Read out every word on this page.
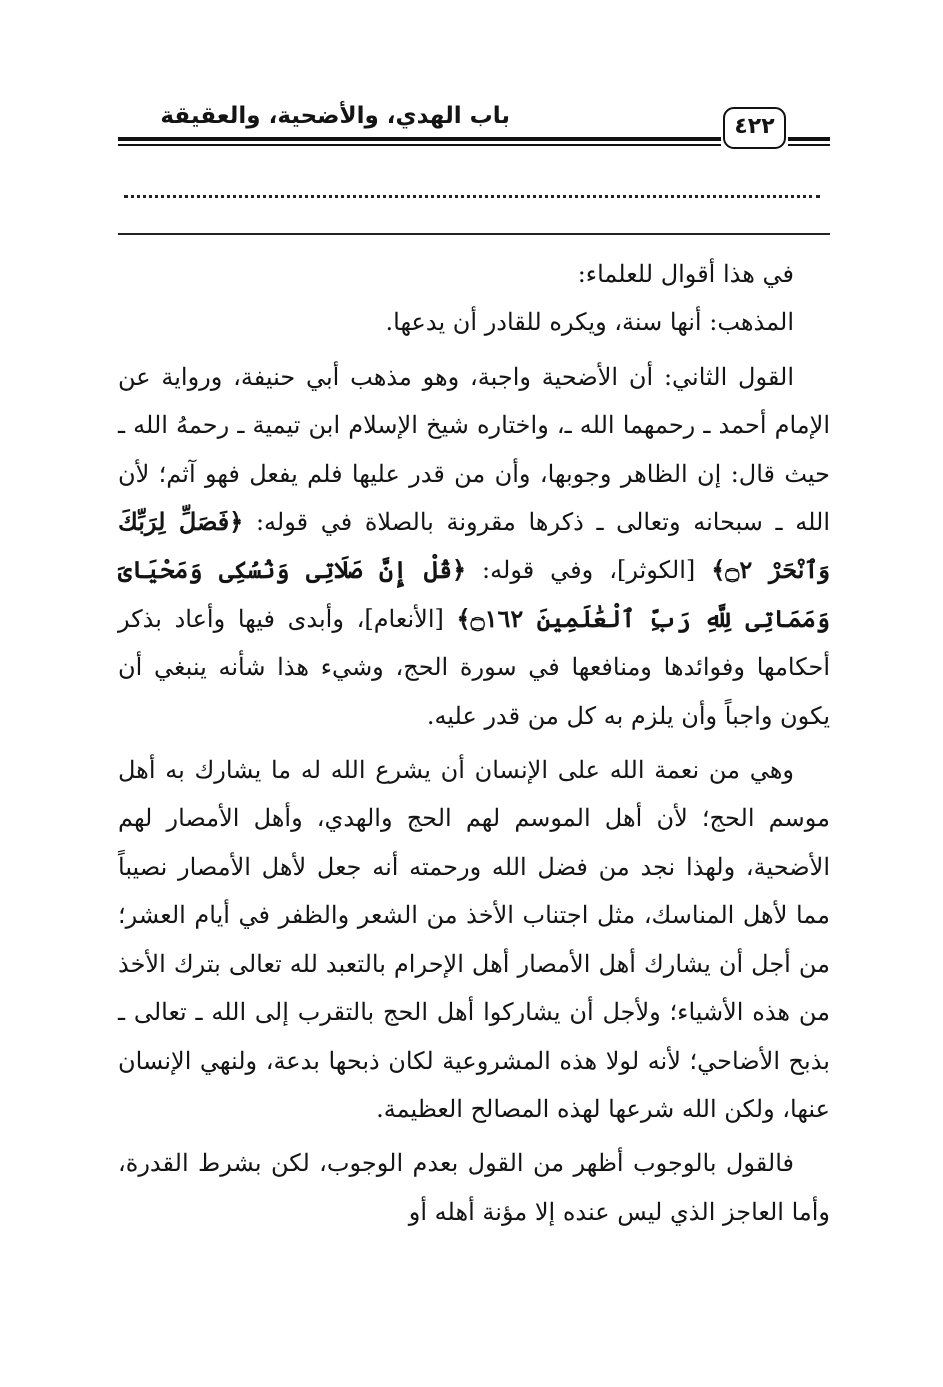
باب الهدي، والأضحية، والعقيقة	٤٢٢

في هذا أقوال للعلماء:

المذهب: أنها سنة، ويكره للقادر أن يدعها.

القول الثاني: أن الأضحية واجبة، وهو مذهب أبي حنيفة، ورواية عن الإمام أحمد ـ رحمهما الله ـ، واختاره شيخ الإسلام ابن تيمية ـ رحمهُ الله ـ حيث قال: إن الظاهر وجوبها، وأن من قدر عليها فلم يفعل فهو آثم؛ لأن الله ـ سبحانه وتعالى ـ ذكرها مقرونة بالصلاة في قوله: ﴿فَصَلِّ لِرَبِّكَ وَٱنْحَرْ ۝٢﴾ [الكوثر]، وفي قوله: ﴿قُلْ إِنَّ صَلَاتِى وَنُسُكِى وَمَحْيَاىَ وَمَمَاتِى لِلَّهِ رَبِّ ٱلْعَٰلَمِينَ ۝١٦٢﴾ [الأنعام]، وأبدى فيها وأعاد بذكر أحكامها وفوائدها ومنافعها في سورة الحج، وشيء هذا شأنه ينبغي أن يكون واجباً وأن يلزم به كل من قدر عليه.

وهي من نعمة الله على الإنسان أن يشرع الله له ما يشارك به أهل موسم الحج؛ لأن أهل الموسم لهم الحج والهدي، وأهل الأمصار لهم الأضحية، ولهذا نجد من فضل الله ورحمته أنه جعل لأهل الأمصار نصيباً مما لأهل المناسك، مثل اجتناب الأخذ من الشعر والظفر في أيام العشر؛ من أجل أن يشارك أهل الأمصار أهل الإحرام بالتعبد لله تعالى بترك الأخذ من هذه الأشياء؛ ولأجل أن يشاركوا أهل الحج بالتقرب إلى الله ـ تعالى ـ بذبح الأضاحي؛ لأنه لولا هذه المشروعية لكان ذبحها بدعة، ولنهي الإنسان عنها، ولكن الله شرعها لهذه المصالح العظيمة.

فالقول بالوجوب أظهر من القول بعدم الوجوب، لكن بشرط القدرة، وأما العاجز الذي ليس عنده إلا مؤنة أهله أو
